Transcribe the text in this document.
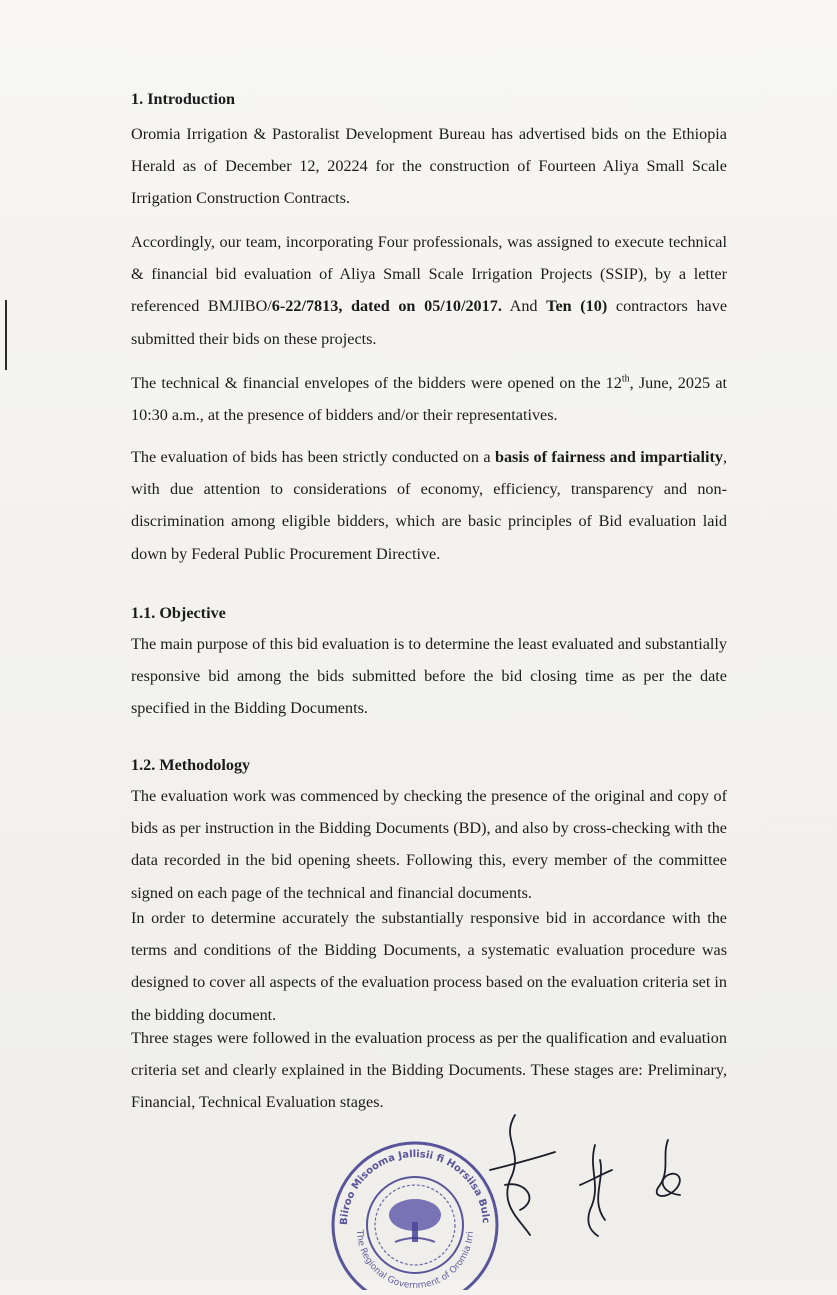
1. Introduction

Oromia Irrigation & Pastoralist Development Bureau has advertised bids on the Ethiopia Herald as of December 12, 20224 for the construction of Fourteen Aliya Small Scale Irrigation Construction Contracts.

Accordingly, our team, incorporating Four professionals, was assigned to execute technical & financial bid evaluation of Aliya Small Scale Irrigation Projects (SSIP), by a letter referenced BMJIBO/6-22/7813, dated on 05/10/2017. And Ten (10) contractors have submitted their bids on these projects.

The technical & financial envelopes of the bidders were opened on the 12th, June, 2025 at 10:30 a.m., at the presence of bidders and/or their representatives.

The evaluation of bids has been strictly conducted on a basis of fairness and impartiality, with due attention to considerations of economy, efficiency, transparency and non-discrimination among eligible bidders, which are basic principles of Bid evaluation laid down by Federal Public Procurement Directive.

1.1. Objective

The main purpose of this bid evaluation is to determine the least evaluated and substantially responsive bid among the bids submitted before the bid closing time as per the date specified in the Bidding Documents.

1.2. Methodology

The evaluation work was commenced by checking the presence of the original and copy of bids as per instruction in the Bidding Documents (BD), and also by cross-checking with the data recorded in the bid opening sheets. Following this, every member of the committee signed on each page of the technical and financial documents.

In order to determine accurately the substantially responsive bid in accordance with the terms and conditions of the Bidding Documents, a systematic evaluation procedure was designed to cover all aspects of the evaluation process based on the evaluation criteria set in the bidding document.

Three stages were followed in the evaluation process as per the qualification and evaluation criteria set and clearly explained in the Bidding Documents. These stages are: Preliminary, Financial, Technical Evaluation stages.

Biiroo Misooma Jallisii fi Horsiisa Bulc
The Regional Government of Oromia Irri
